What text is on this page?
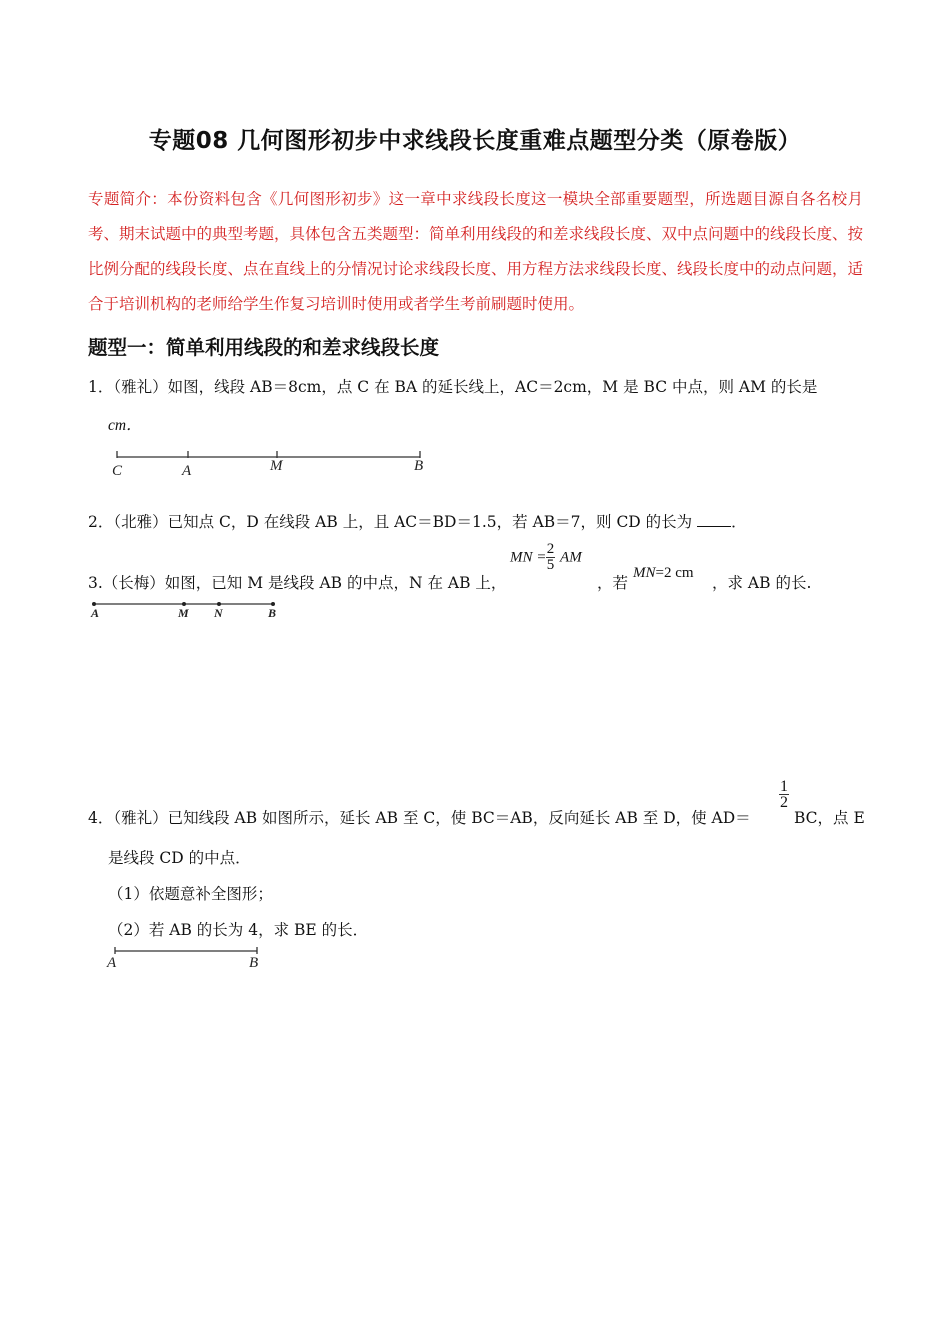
专题08 几何图形初步中求线段长度重难点题型分类（原卷版）
专题简介：本份资料包含《几何图形初步》这一章中求线段长度这一模块全部重要题型，所选题目源自各名校月考、期末试题中的典型考题，具体包含五类题型：简单利用线段的和差求线段长度、双中点问题中的线段长度、按比例分配的线段长度、点在直线上的分情况讨论求线段长度、用方程方法求线段长度、线段长度中的动点问题，适合于培训机构的老师给学生作复习培训时使用或者学生考前刷题时使用。
题型一：简单利用线段的和差求线段长度
1．（雅礼）如图，线段 AB＝8cm，点 C 在 BA 的延长线上，AC＝2cm，M 是 BC 中点，则 AM 的长是
cm．
C	A	M	B
2．（北雅）已知点 C，D 在线段 AB 上，且 AC＝BD＝1.5，若 AB＝7，则 CD 的长为	．
3.（长梅）如图，已知 M 是线段 AB 的中点，N 在 AB 上，
MN = $\frac{2}{5}$ AM
，若
MN=2 cm
，求 AB 的长.
A	M N	B
4．（雅礼）已知线段 AB 如图所示，延长 AB 至 C，使 BC＝AB，反向延长 AB 至 D，使 AD＝
$\frac{1}{2}$
BC，点 E
是线段 CD 的中点．
（1）依题意补全图形；
（2）若 AB 的长为 4，求 BE 的长．
A	B
